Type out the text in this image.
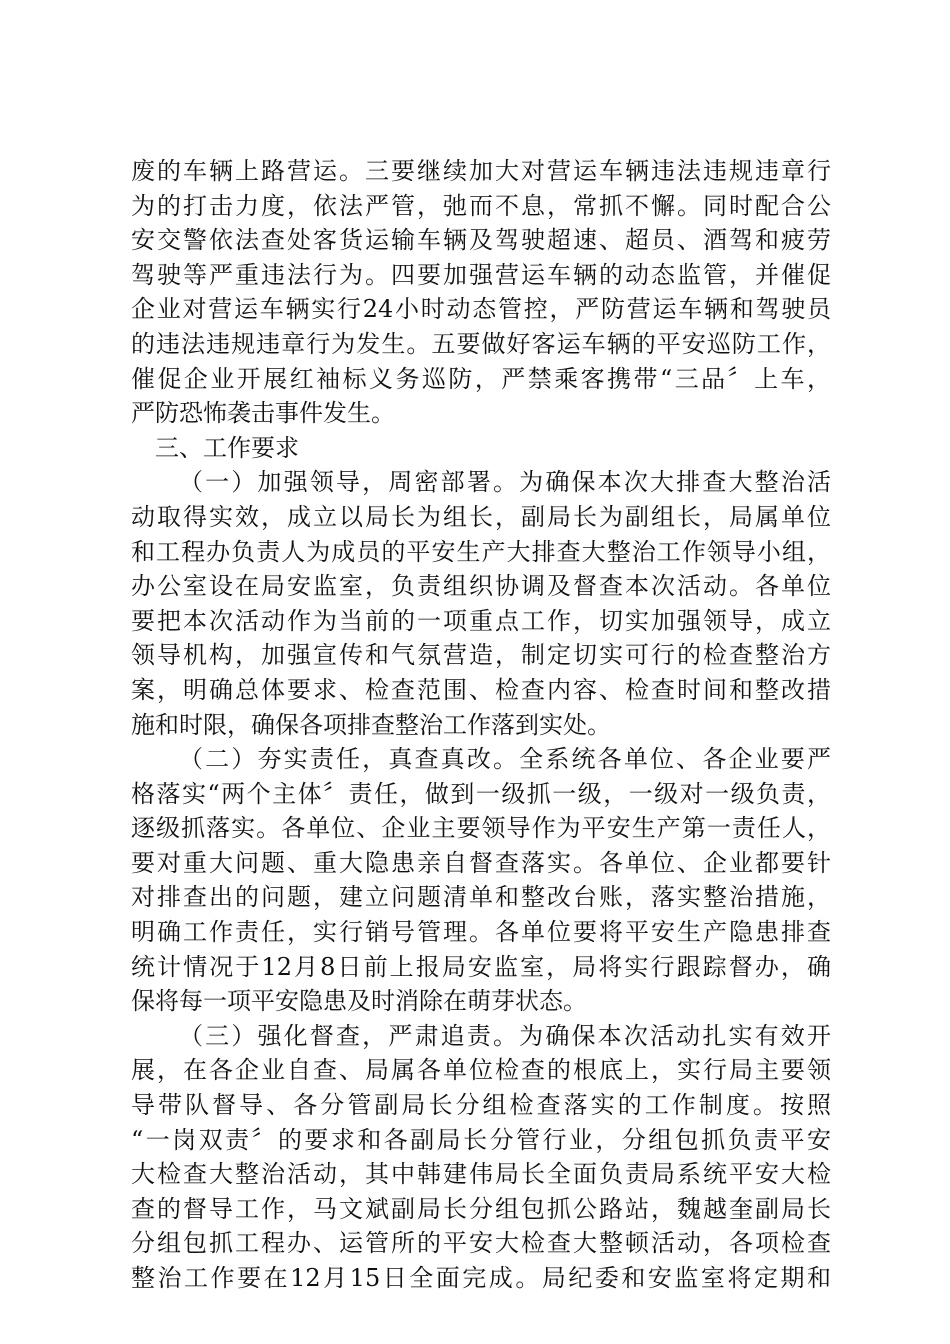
废的车辆上路营运。三要继续加大对营运车辆违法违规违章行
为的打击力度，依法严管，弛而不息，常抓不懈。同时配合公
安交警依法查处客货运输车辆及驾驶超速、超员、酒驾和疲劳
驾驶等严重违法行为。四要加强营运车辆的动态监管，并催促
企业对营运车辆实行24小时动态管控，严防营运车辆和驾驶员
的违法违规违章行为发生。五要做好客运车辆的平安巡防工作，
催促企业开展红袖标义务巡防，严禁乘客携带“三品〞上车，
严防恐怖袭击事件发生。
三、工作要求
（一）加强领导，周密部署。为确保本次大排查大整治活
动取得实效，成立以局长为组长，副局长为副组长，局属单位
和工程办负责人为成员的平安生产大排查大整治工作领导小组，
办公室设在局安监室，负责组织协调及督查本次活动。各单位
要把本次活动作为当前的一项重点工作，切实加强领导，成立
领导机构，加强宣传和气氛营造，制定切实可行的检查整治方
案，明确总体要求、检查范围、检查内容、检查时间和整改措
施和时限，确保各项排查整治工作落到实处。
（二）夯实责任，真查真改。全系统各单位、各企业要严
格落实“两个主体〞责任，做到一级抓一级，一级对一级负责，
逐级抓落实。各单位、企业主要领导作为平安生产第一责任人，
要对重大问题、重大隐患亲自督查落实。各单位、企业都要针
对排查出的问题，建立问题清单和整改台账，落实整治措施，
明确工作责任，实行销号管理。各单位要将平安生产隐患排查
统计情况于12月8日前上报局安监室，局将实行跟踪督办，确
保将每一项平安隐患及时消除在萌芽状态。
（三）强化督查，严肃追责。为确保本次活动扎实有效开
展，在各企业自查、局属各单位检查的根底上，实行局主要领
导带队督导、各分管副局长分组检查落实的工作制度。按照
“一岗双责〞的要求和各副局长分管行业，分组包抓负责平安
大检查大整治活动，其中韩建伟局长全面负责局系统平安大检
查的督导工作，马文斌副局长分组包抓公路站，魏越奎副局长
分组包抓工程办、运管所的平安大检查大整顿活动，各项检查
整治工作要在12月15日全面完成。局纪委和安监室将定期和
